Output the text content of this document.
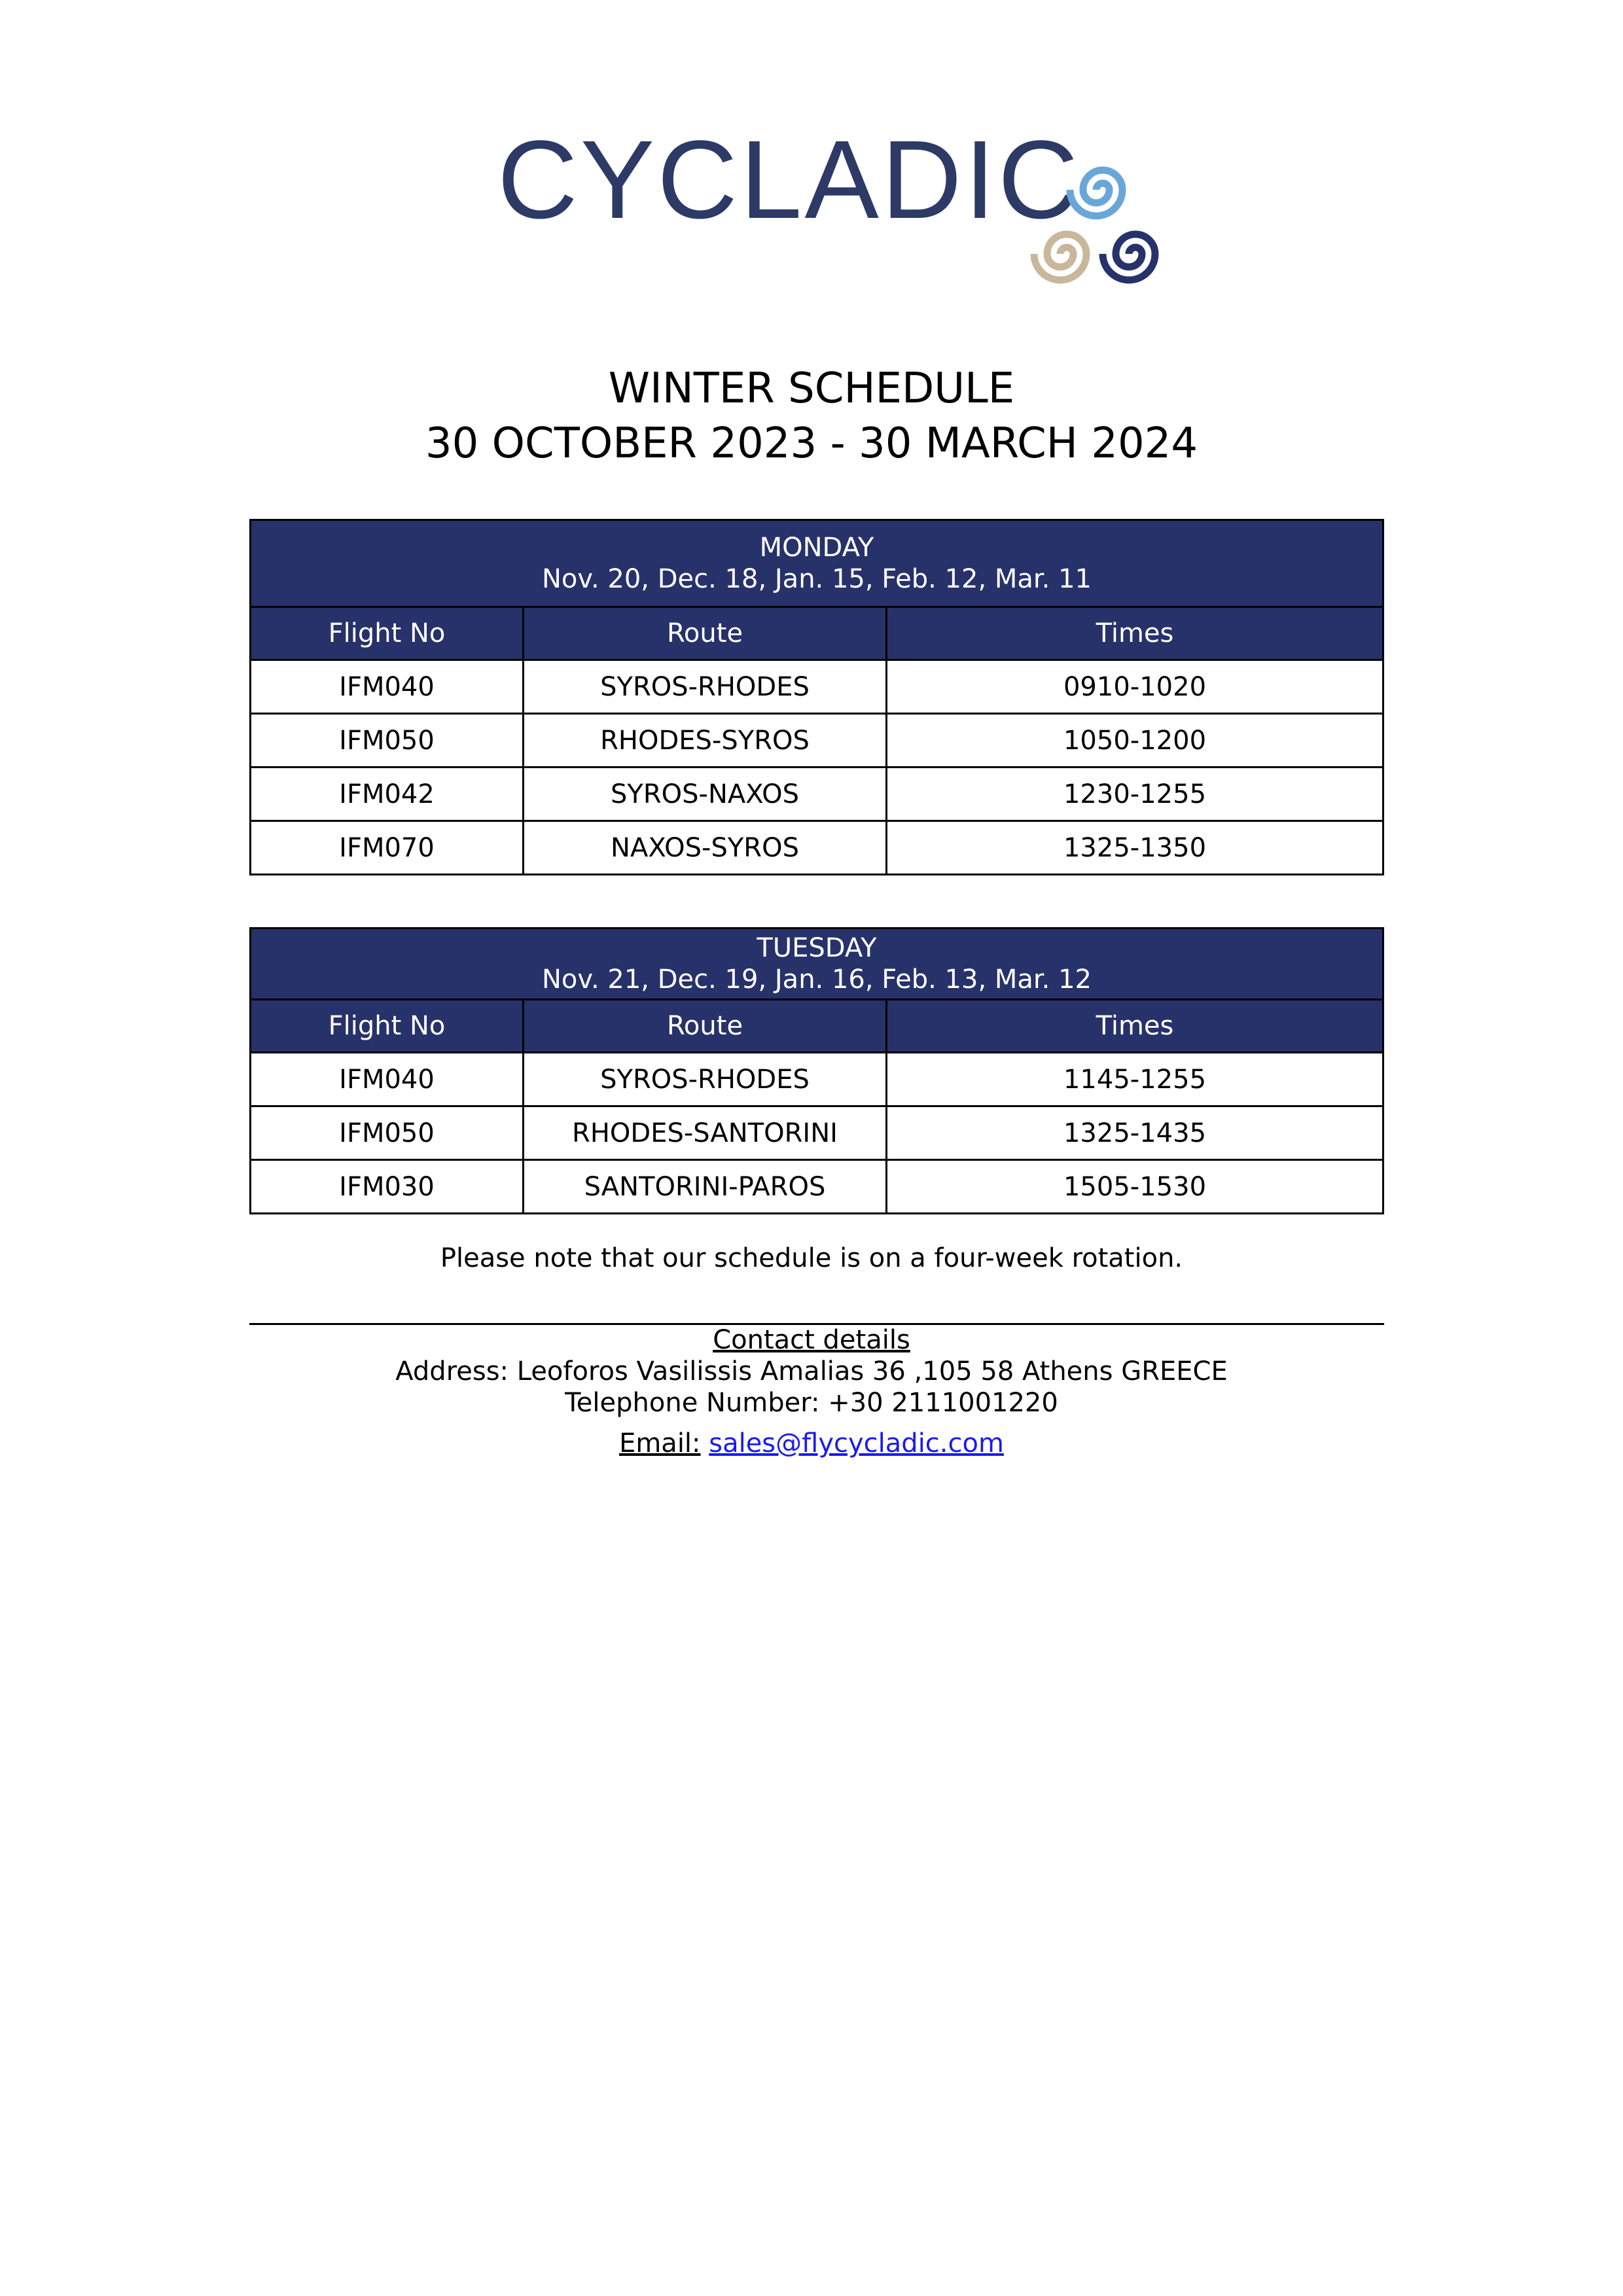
CYCLADIC
WINTER SCHEDULE
30 OCTOBER 2023 - 30 MARCH 2024
MONDAY
Nov. 20, Dec. 18, Jan. 15, Feb. 12, Mar. 11		

Flight No	Route	Times
IFM040	SYROS-RHODES	0910-1020
IFM050	RHODES-SYROS	1050-1200
IFM042	SYROS-NAXOS	1230-1255
IFM070	NAXOS-SYROS	1325-1350
TUESDAY
Nov. 21, Dec. 19, Jan. 16, Feb. 13, Mar. 12		

Flight No	Route	Times
IFM040	SYROS-RHODES	1145-1255
IFM050	RHODES-SANTORINI	1325-1435
IFM030	SANTORINI-PAROS	1505-1530
Please note that our schedule is on a four-week rotation.
Contact details
Address: Leoforos Vasilissis Amalias 36 ,105 58 Athens GREECE
Telephone Number: +30 2111001220
Email: sales@flycycladic.com
